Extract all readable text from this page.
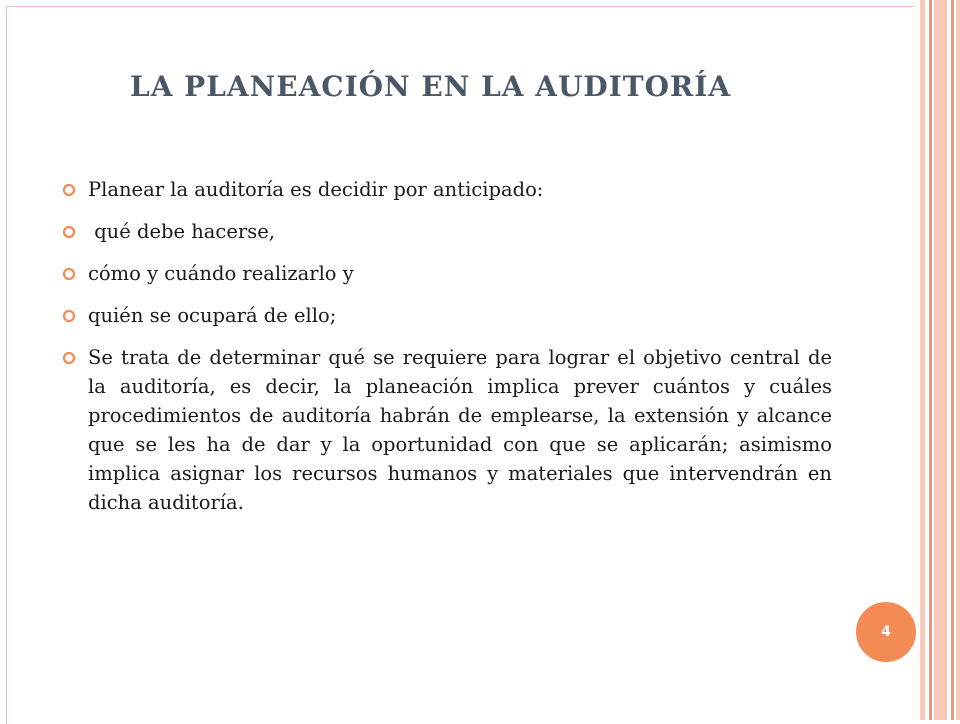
LA PLANEACIÓN EN LA AUDITORÍA
Planear la auditoría es decidir por anticipado:
qué debe hacerse,
cómo y cuándo realizarlo y
quién se ocupará de ello;
Se trata de determinar qué se requiere para lograr el objetivo central de la auditoría, es decir, la planeación implica prever cuántos y cuáles procedimientos de auditoría habrán de emplearse, la extensión y alcance que se les ha de dar y la oportunidad con que se aplicarán; asimismo implica asignar los recursos humanos y materiales que intervendrán en dicha auditoría.
4
